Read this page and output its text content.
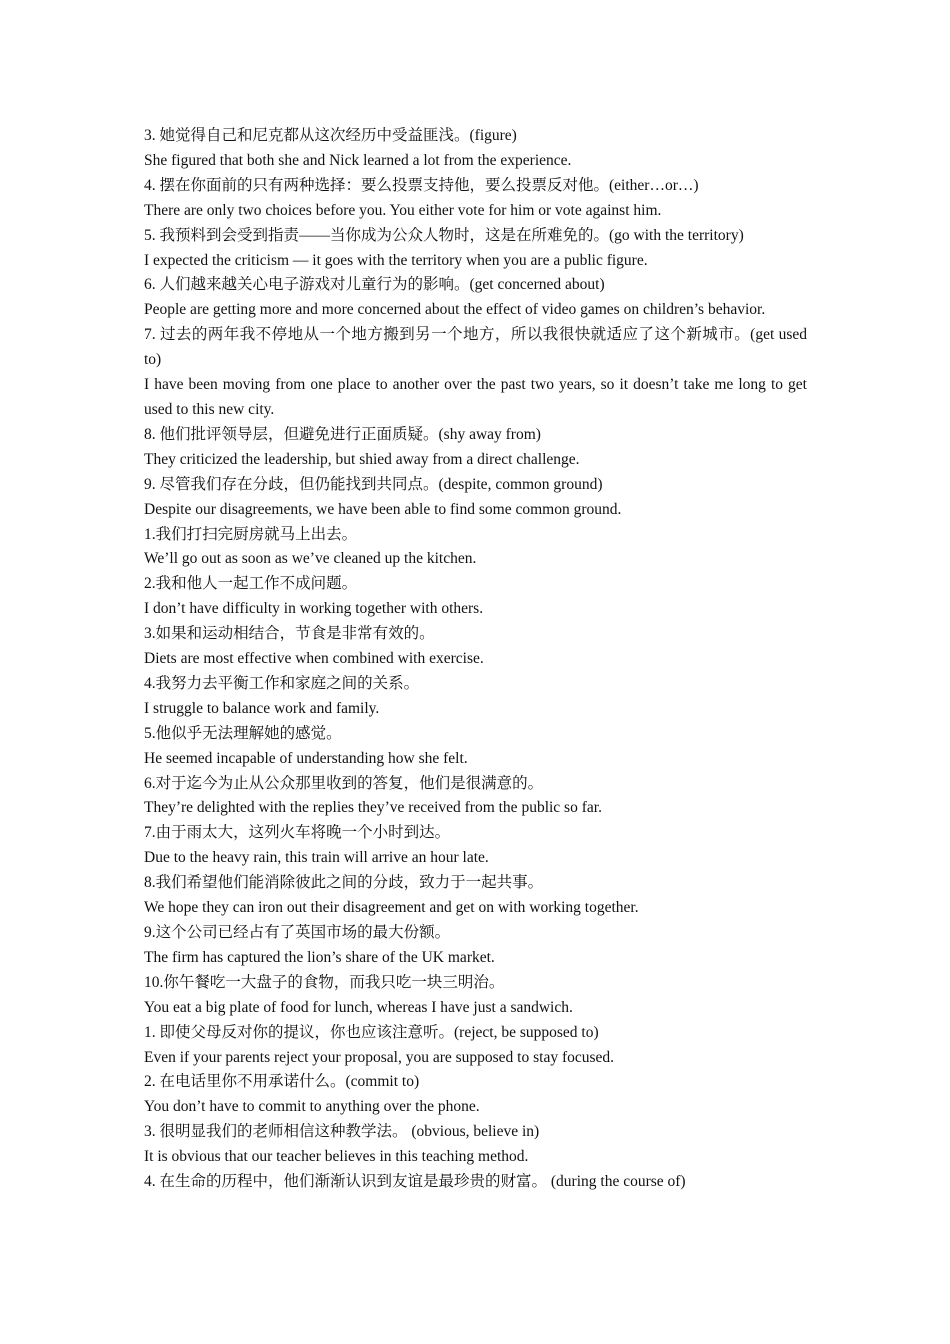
3. 她觉得自己和尼克都从这次经历中受益匪浅。(figure)

She figured that both she and Nick learned a lot from the experience.

4. 摆在你面前的只有两种选择：要么投票支持他，要么投票反对他。(either…or…)

There are only two choices before you. You either vote for him or vote against him.

5. 我预料到会受到指责——当你成为公众人物时，这是在所难免的。(go with the territory)

I expected the criticism — it goes with the territory when you are a public figure.

6. 人们越来越关心电子游戏对儿童行为的影响。(get concerned about)

People are getting more and more concerned about the effect of video games on children’s behavior.

7. 过去的两年我不停地从一个地方搬到另一个地方，所以我很快就适应了这个新城市。(get used to)

I have been moving from one place to another over the past two years, so it doesn’t take me long to get used to this new city.

8. 他们批评领导层，但避免进行正面质疑。(shy away from)

They criticized the leadership, but shied away from a direct challenge.

9. 尽管我们存在分歧，但仍能找到共同点。(despite, common ground)

Despite our disagreements, we have been able to find some common ground.

1.我们打扫完厨房就马上出去。

We’ll go out as soon as we’ve cleaned up the kitchen.

2.我和他人一起工作不成问题。

I don’t have difficulty in working together with others.

3.如果和运动相结合，节食是非常有效的。

Diets are most effective when combined with exercise.

4.我努力去平衡工作和家庭之间的关系。

I struggle to balance work and family.

5.他似乎无法理解她的感觉。

He seemed incapable of understanding how she felt.

6.对于迄今为止从公众那里收到的答复，他们是很满意的。

They’re delighted with the replies they’ve received from the public so far.

7.由于雨太大，这列火车将晚一个小时到达。

Due to the heavy rain, this train will arrive an hour late.

8.我们希望他们能消除彼此之间的分歧，致力于一起共事。

We hope they can iron out their disagreement and get on with working together.

9.这个公司已经占有了英国市场的最大份额。

The firm has captured the lion’s share of the UK market.

10.你午餐吃一大盘子的食物，而我只吃一块三明治。

You eat a big plate of food for lunch, whereas I have just a sandwich.

1. 即使父母反对你的提议，你也应该注意听。(reject, be supposed to)

Even if your parents reject your proposal, you are supposed to stay focused.

2. 在电话里你不用承诺什么。(commit to)

You don’t have to commit to anything over the phone.

3. 很明显我们的老师相信这种教学法。 (obvious, believe in)

It is obvious that our teacher believes in this teaching method.

4. 在生命的历程中，他们渐渐认识到友谊是最珍贵的财富。 (during the course of)
